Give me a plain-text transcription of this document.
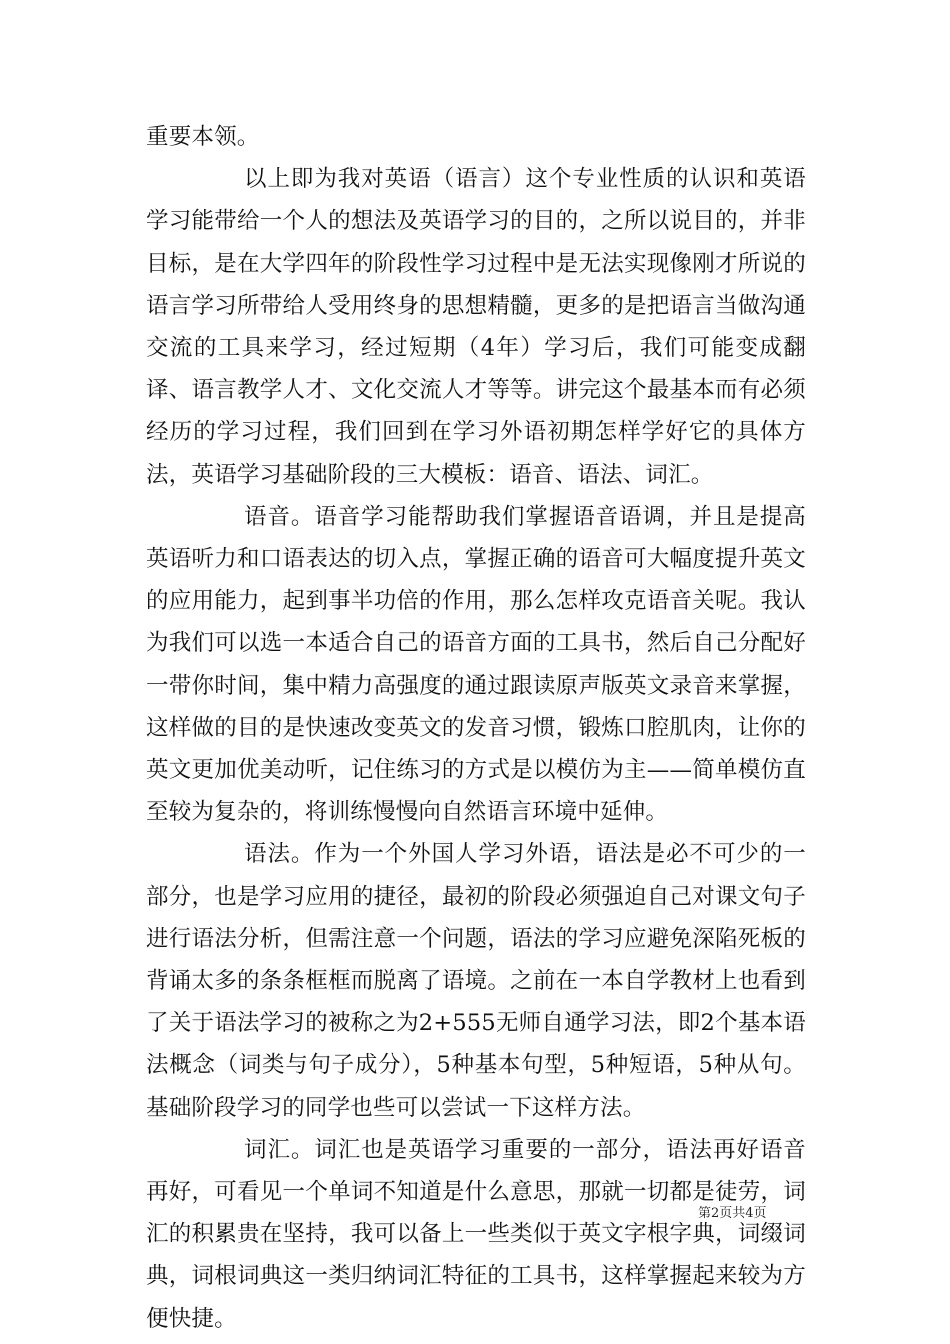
重要本领。

以上即为我对英语（语言）这个专业性质的认识和英语学习能带给一个人的想法及英语学习的目的，之所以说目的，并非目标，是在大学四年的阶段性学习过程中是无法实现像刚才所说的语言学习所带给人受用终身的思想精髓，更多的是把语言当做沟通交流的工具来学习，经过短期（4年）学习后，我们可能变成翻译、语言教学人才、文化交流人才等等。讲完这个最基本而有必须经历的学习过程，我们回到在学习外语初期怎样学好它的具体方法，英语学习基础阶段的三大模板：语音、语法、词汇。

语音。语音学习能帮助我们掌握语音语调，并且是提高英语听力和口语表达的切入点，掌握正确的语音可大幅度提升英文的应用能力，起到事半功倍的作用，那么怎样攻克语音关呢。我认为我们可以选一本适合自己的语音方面的工具书，然后自己分配好一带你时间，集中精力高强度的通过跟读原声版英文录音来掌握，这样做的目的是快速改变英文的发音习惯，锻炼口腔肌肉，让你的英文更加优美动听，记住练习的方式是以模仿为主——简单模仿直至较为复杂的，将训练慢慢向自然语言环境中延伸。

语法。作为一个外国人学习外语，语法是必不可少的一部分，也是学习应用的捷径，最初的阶段必须强迫自己对课文句子进行语法分析，但需注意一个问题，语法的学习应避免深陷死板的背诵太多的条条框框而脱离了语境。之前在一本自学教材上也看到了关于语法学习的被称之为2+555无师自通学习法，即2个基本语法概念（词类与句子成分），5种基本句型，5种短语，5种从句。基础阶段学习的同学也些可以尝试一下这样方法。

词汇。词汇也是英语学习重要的一部分，语法再好语音再好，可看见一个单词不知道是什么意思，那就一切都是徒劳，词汇的积累贵在坚持，我可以备上一些类似于英文字根字典，词缀词典，词根词典这一类归纳词汇特征的工具书，这样掌握起来较为方便快捷。

第2页共4页
